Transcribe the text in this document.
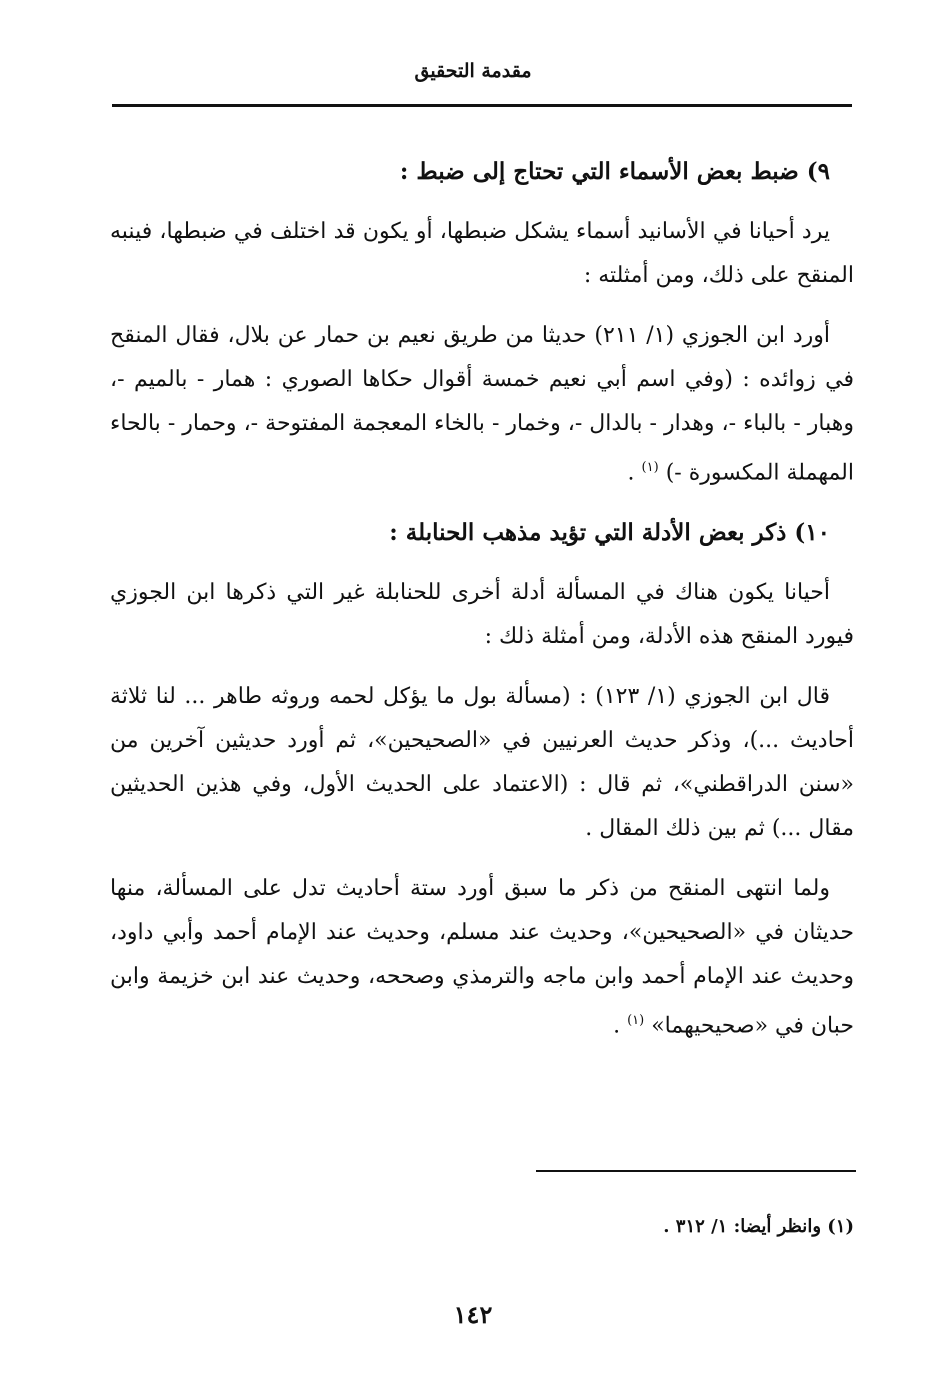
مقدمة التحقيق
٩) ضبط بعض الأسماء التي تحتاج إلى ضبط :

يرد أحيانا في الأسانيد أسماء يشكل ضبطها، أو يكون قد اختلف في ضبطها، فينبه المنقح على ذلك، ومن أمثلته :

أورد ابن الجوزي (١/ ٢١١) حديثا من طريق نعيم بن حمار عن بلال، فقال المنقح في زوائده : (وفي اسم أبي نعيم خمسة أقوال حكاها الصوري : همار - بالميم -، وهبار - بالباء -، وهدار - بالدال -، وخمار - بالخاء المعجمة المفتوحة -، وحمار - بالحاء المهملة المكسورة -) $^{(١)}$ .

١٠) ذكر بعض الأدلة التي تؤيد مذهب الحنابلة :

أحيانا يكون هناك في المسألة أدلة أخرى للحنابلة غير التي ذكرها ابن الجوزي فيورد المنقح هذه الأدلة، ومن أمثلة ذلك :

قال ابن الجوزي (١/ ١٢٣) : (مسألة بول ما يؤكل لحمه وروثه طاهر ... لنا ثلاثة أحاديث ...)، وذكر حديث العرنيين في «الصحيحين»، ثم أورد حديثين آخرين من «سنن الدراقطني»، ثم قال : (الاعتماد على الحديث الأول، وفي هذين الحديثين مقال ...) ثم بين ذلك المقال .

ولما انتهى المنقح من ذكر ما سبق أورد ستة أحاديث تدل على المسألة، منها حديثان في «الصحيحين»، وحديث عند مسلم، وحديث عند الإمام أحمد وأبي داود، وحديث عند الإمام أحمد وابن ماجه والترمذي وصححه، وحديث عند ابن خزيمة وابن حبان في «صحيحيهما» $^{(١)}$ .

(١) وانظر أيضا: ١/ ٣١٢ .
١٤٢
